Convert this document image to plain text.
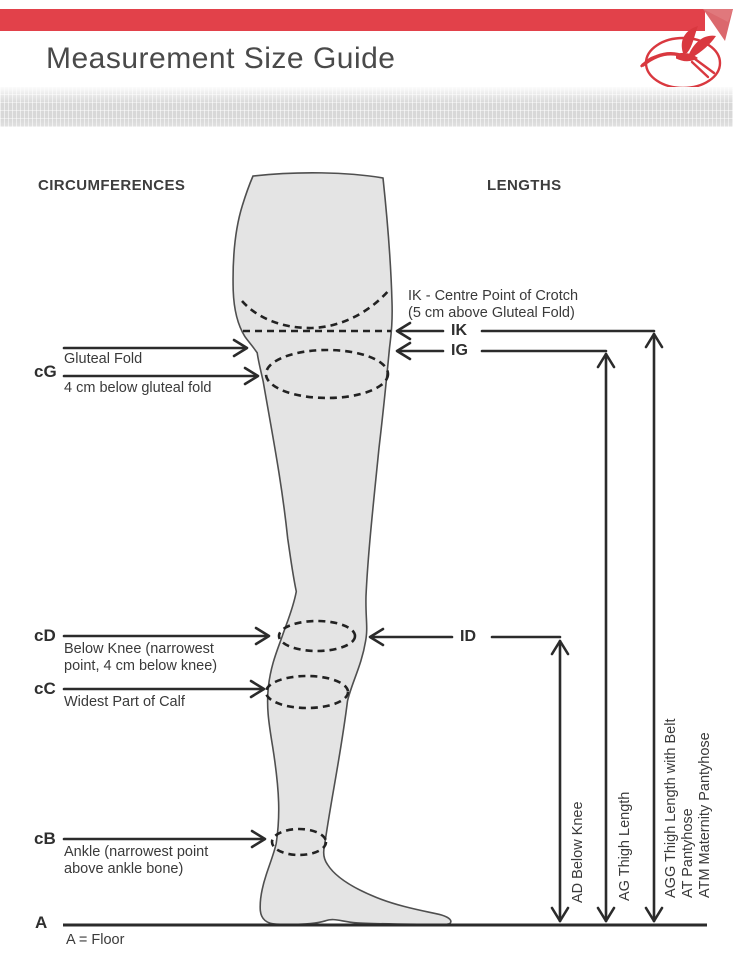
Measurement Size Guide
CIRCUMFERENCES	LENGTHS
cG
Gluteal Fold
4 cm below gluteal fold
cD
Below Knee (narrowest point, 4 cm below knee)
cC
Widest Part of Calf
cB
Ankle (narrowest point above ankle bone)
A
A = Floor
IK - Centre Point of Crotch
(5 cm above Gluteal Fold)
IK
IG
ID
AD Below Knee AG Thigh Length AGG Thigh Length with Belt AT Pantyhose ATM Maternity Pantyhose
